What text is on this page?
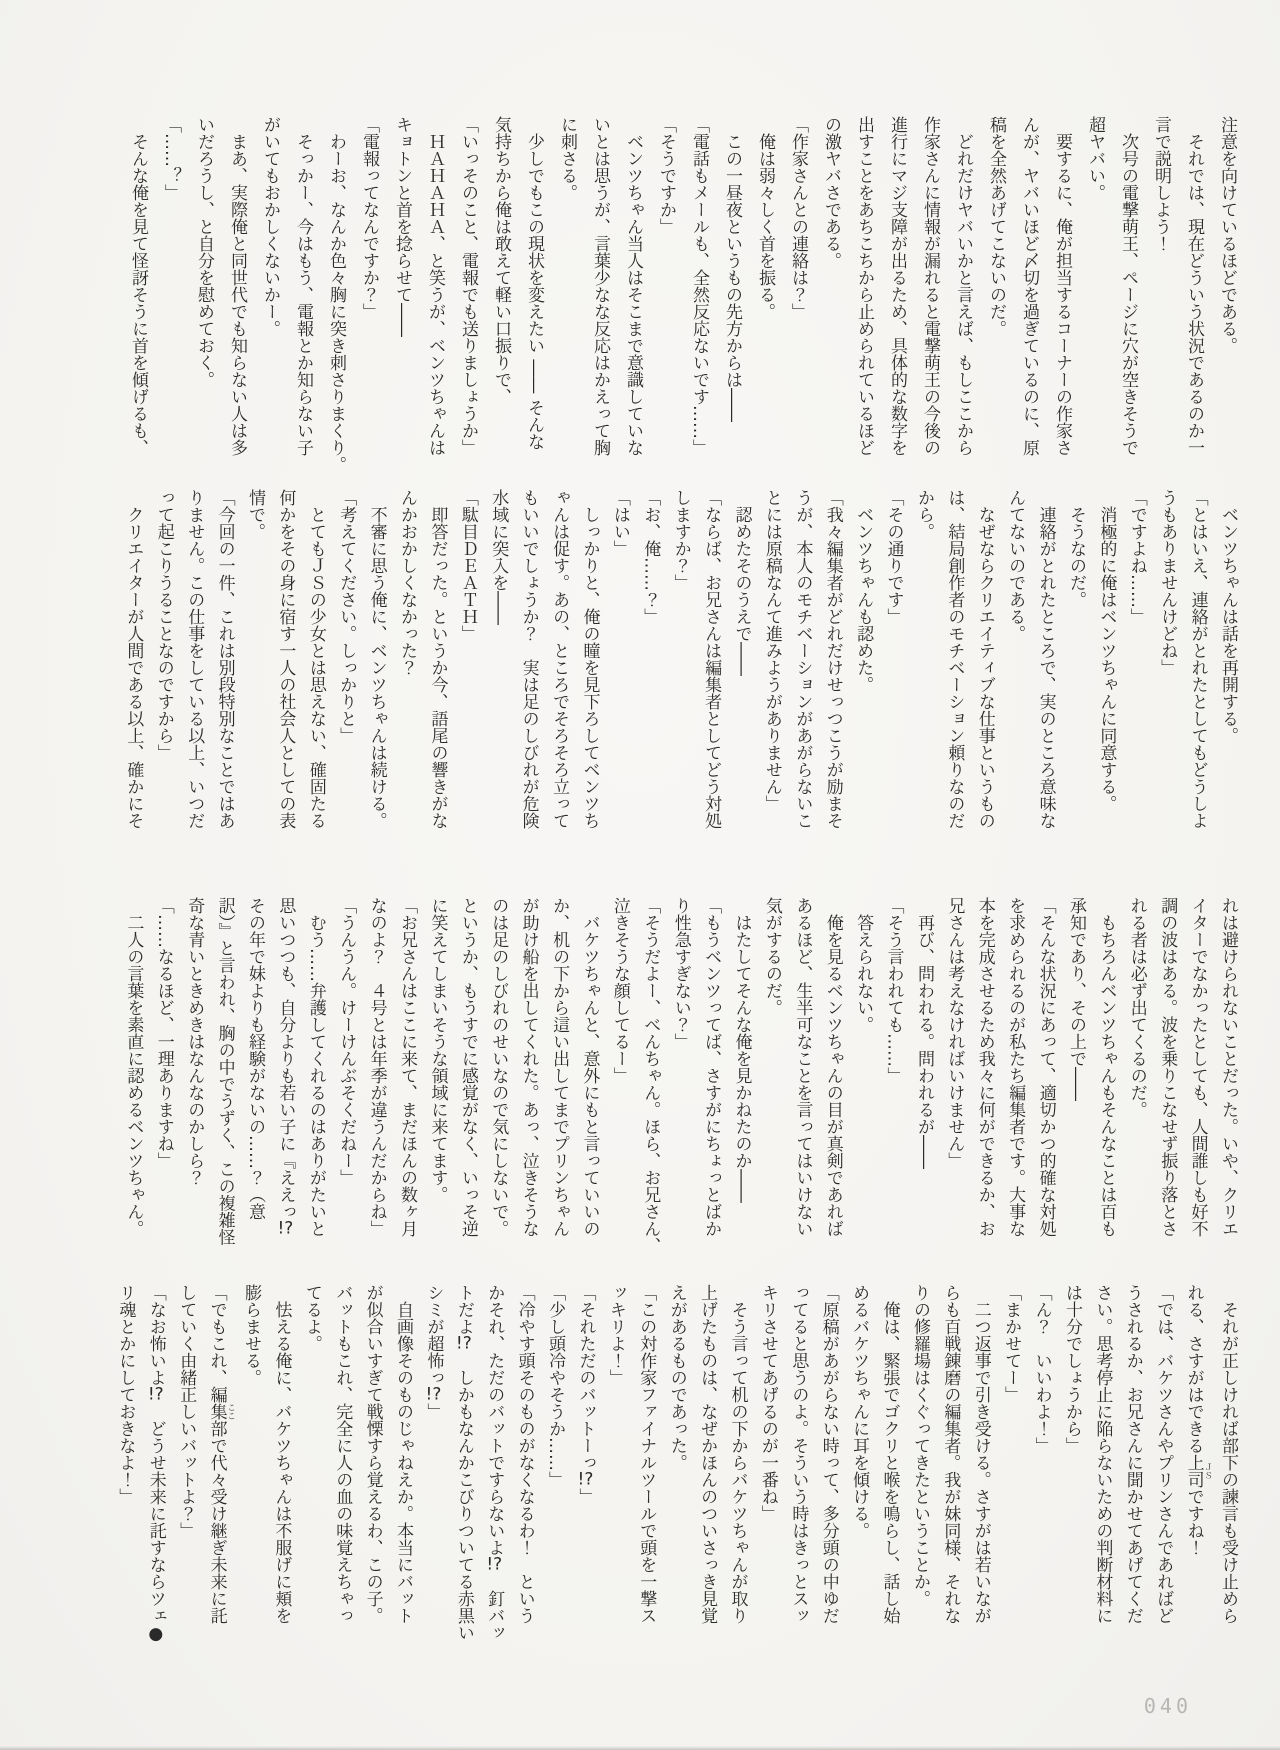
注意を向けているほどである。

　それでは、現在どういう状況であるのか一

言で説明しよう！

　次号の電撃萌王、ページに穴が空きそうで

超ヤバい。

　要するに、俺が担当するコーナーの作家さ

んが、ヤバいほど〆切を過ぎているのに、原

稿を全然あげてこないのだ。

　どれだけヤバいかと言えば、もしここから

作家さんに情報が漏れると電撃萌王の今後の

進行にマジ支障が出るため、具体的な数字を

出すことをあちこちから止められているほど

の激ヤバさである。

「作家さんとの連絡は？」

　俺は弱々しく首を振る。

　この一昼夜というもの先方からは――

「電話もメールも、全然反応ないです……」

「そうですか」

　ベンツちゃん当人はそこまで意識していな

いとは思うが、言葉少なな反応はかえって胸

に刺さる。

　少しでもこの現状を変えたい ―― そんな

気持ちから俺は敢えて軽い口振りで、

「いっそのこと、電報でも送りましょうか」

　ＨＡＨＡＨＡ、と笑うが、ベンツちゃんは

キョトンと首を捻らせて――

「電報ってなんですか？」

　わーお、なんか色々胸に突き刺さりまくり。

　そっかー、今はもう、電報とか知らない子

がいてもおかしくないかー。

　まあ、実際俺と同世代でも知らない人は多

いだろうし、と自分を慰めておく。

「……？」

　そんな俺を見て怪訝そうに首を傾げるも、

　ベンツちゃんは話を再開する。

「とはいえ、連絡がとれたとしてもどうしよ

うもありませんけどね」

「ですよね……」

　消極的に俺はベンツちゃんに同意する。

　そうなのだ。

　連絡がとれたところで、実のところ意味な

んてないのである。

　なぜならクリエイティブな仕事というもの

は、結局創作者のモチベーション頼りなのだ

から。

「その通りです」

　ベンツちゃんも認めた。

「我々編集者がどれだけせっつこうが励まそ

うが、本人のモチベーションがあがらないこ

とには原稿なんて進みようがありません」

　認めたそのうえで――

「ならば、お兄さんは編集者としてどう対処

しますか？」

「お、俺……？」

「はい」

　しっかりと、俺の瞳を見下ろしてベンツち

ゃんは促す。あの、ところでそろそろ立って

もいいでしょうか？　実は足のしびれが危険

水域に突入を――

「駄目ＤＥＡＴＨ」

　即答だった。というか今、語尾の響きがな

んかおかしくなかった？

　不審に思う俺に、ベンツちゃんは続ける。

「考えてください。しっかりと」

　とてもＪＳの少女とは思えない、確固たる

何かをその身に宿す一人の社会人としての表

情で。

「今回の一件、これは別段特別なことではあ

りません。この仕事をしている以上、いつだ

って起こりうることなのですから」

　クリエイターが人間である以上、確かにそ

れは避けられないことだった。いや、クリエ

イターでなかったとしても、人間誰しも好不

調の波はある。波を乗りこなせず振り落とさ

れる者は必ず出てくるのだ。

　もちろんベンツちゃんもそんなことは百も

承知であり、その上で――

「そんな状況にあって、適切かつ的確な対処

を求められるのが私たち編集者です。大事な

本を完成させるため我々に何ができるか、お

兄さんは考えなければいけません」

　再び、問われる。問われるが――

「そう言われても……」

　答えられない。

　俺を見るベンツちゃんの目が真剣であれば

あるほど、生半可なことを言ってはいけない

気がするのだ。

　はたしてそんな俺を見かねたのか――

「もうベンツってば、さすがにちょっとばか

り性急すぎない？」

「そうだよー、べんちゃん。ほら、お兄さん、

泣きそうな顔してるー」

　バケツちゃんと、意外にもと言っていいの

か、机の下から這い出してまでプリンちゃん

が助け船を出してくれた。あっ、泣きそうな

のは足のしびれのせいなので気にしないで。

というか、もうすでに感覚がなく、いっそ逆

に笑えてしまいそうな領域に来てます。

「お兄さんはここに来て、まだほんの数ヶ月

なのよ？　４号とは年季が違うんだからね」

「うんうん。けーけんぶそくだねー」

　むう……弁護してくれるのはありがたいと

思いつつも、自分よりも若い子に『ええっ!?

その年で妹よりも経験がないの……？（意

訳）』と言われ、胸の中でうずく、この複雑怪

奇な青いときめきはなんなのかしら？

「……なるほど、一理ありますね」

　二人の言葉を素直に認めるベンツちゃん。

　それが正しければ部下の諫言も受け止めら

れる、さすがはできる上司 ＪＳですね！

「では、バケツさんやプリンさんであればど

うされるか、お兄さんに聞かせてあげてくだ

さい。思考停止に陥らないための判断材料に

は十分でしょうから」

「ん？　いいわよ！」

「まかせてー」

　二つ返事で引き受ける。さすがは若いなが

らも百戦錬磨の編集者。我が妹同様、それな

りの修羅場はくぐってきたということか。

　俺は、緊張でゴクリと喉を鳴らし、話し始

めるバケツちゃんに耳を傾ける。

「原稿があがらない時って、多分頭の中ゆだ

ってると思うのよ。そういう時はきっとスッ

キリさせてあげるのが一番ね」

　そう言って机の下からバケツちゃんが取り

上げたものは、なぜかほんのついさっき見覚

えがあるものであった。

「この対作家ファイナルツールで頭を一撃ス

ッキリよ！」

「それただのバットーっ!?」

「少し頭冷やそうか……」

「冷やす頭そのものがなくなるわ！　という

かそれ、ただのバットですらないよ!?　釘バッ

トだよ!?　しかもなんかこびりついてる赤黒い

シミが超怖っ!?」

　自画像そのものじゃねえか。本当にバット

が似合いすぎて戦慄すら覚えるわ、この子。

バットもこれ、完全に人の血の味覚えちゃっ

てるよ。

　怯える俺に、バケツちゃんは不服げに頬を

膨らませる。

「でもこれ、編集部 ここで代々受け継ぎ未来に託

していく由緒正しいバットよ？」

「なお怖いよ!?　どうせ未来に託すならツェ●

リ魂とかにしておきなよ！」

040
